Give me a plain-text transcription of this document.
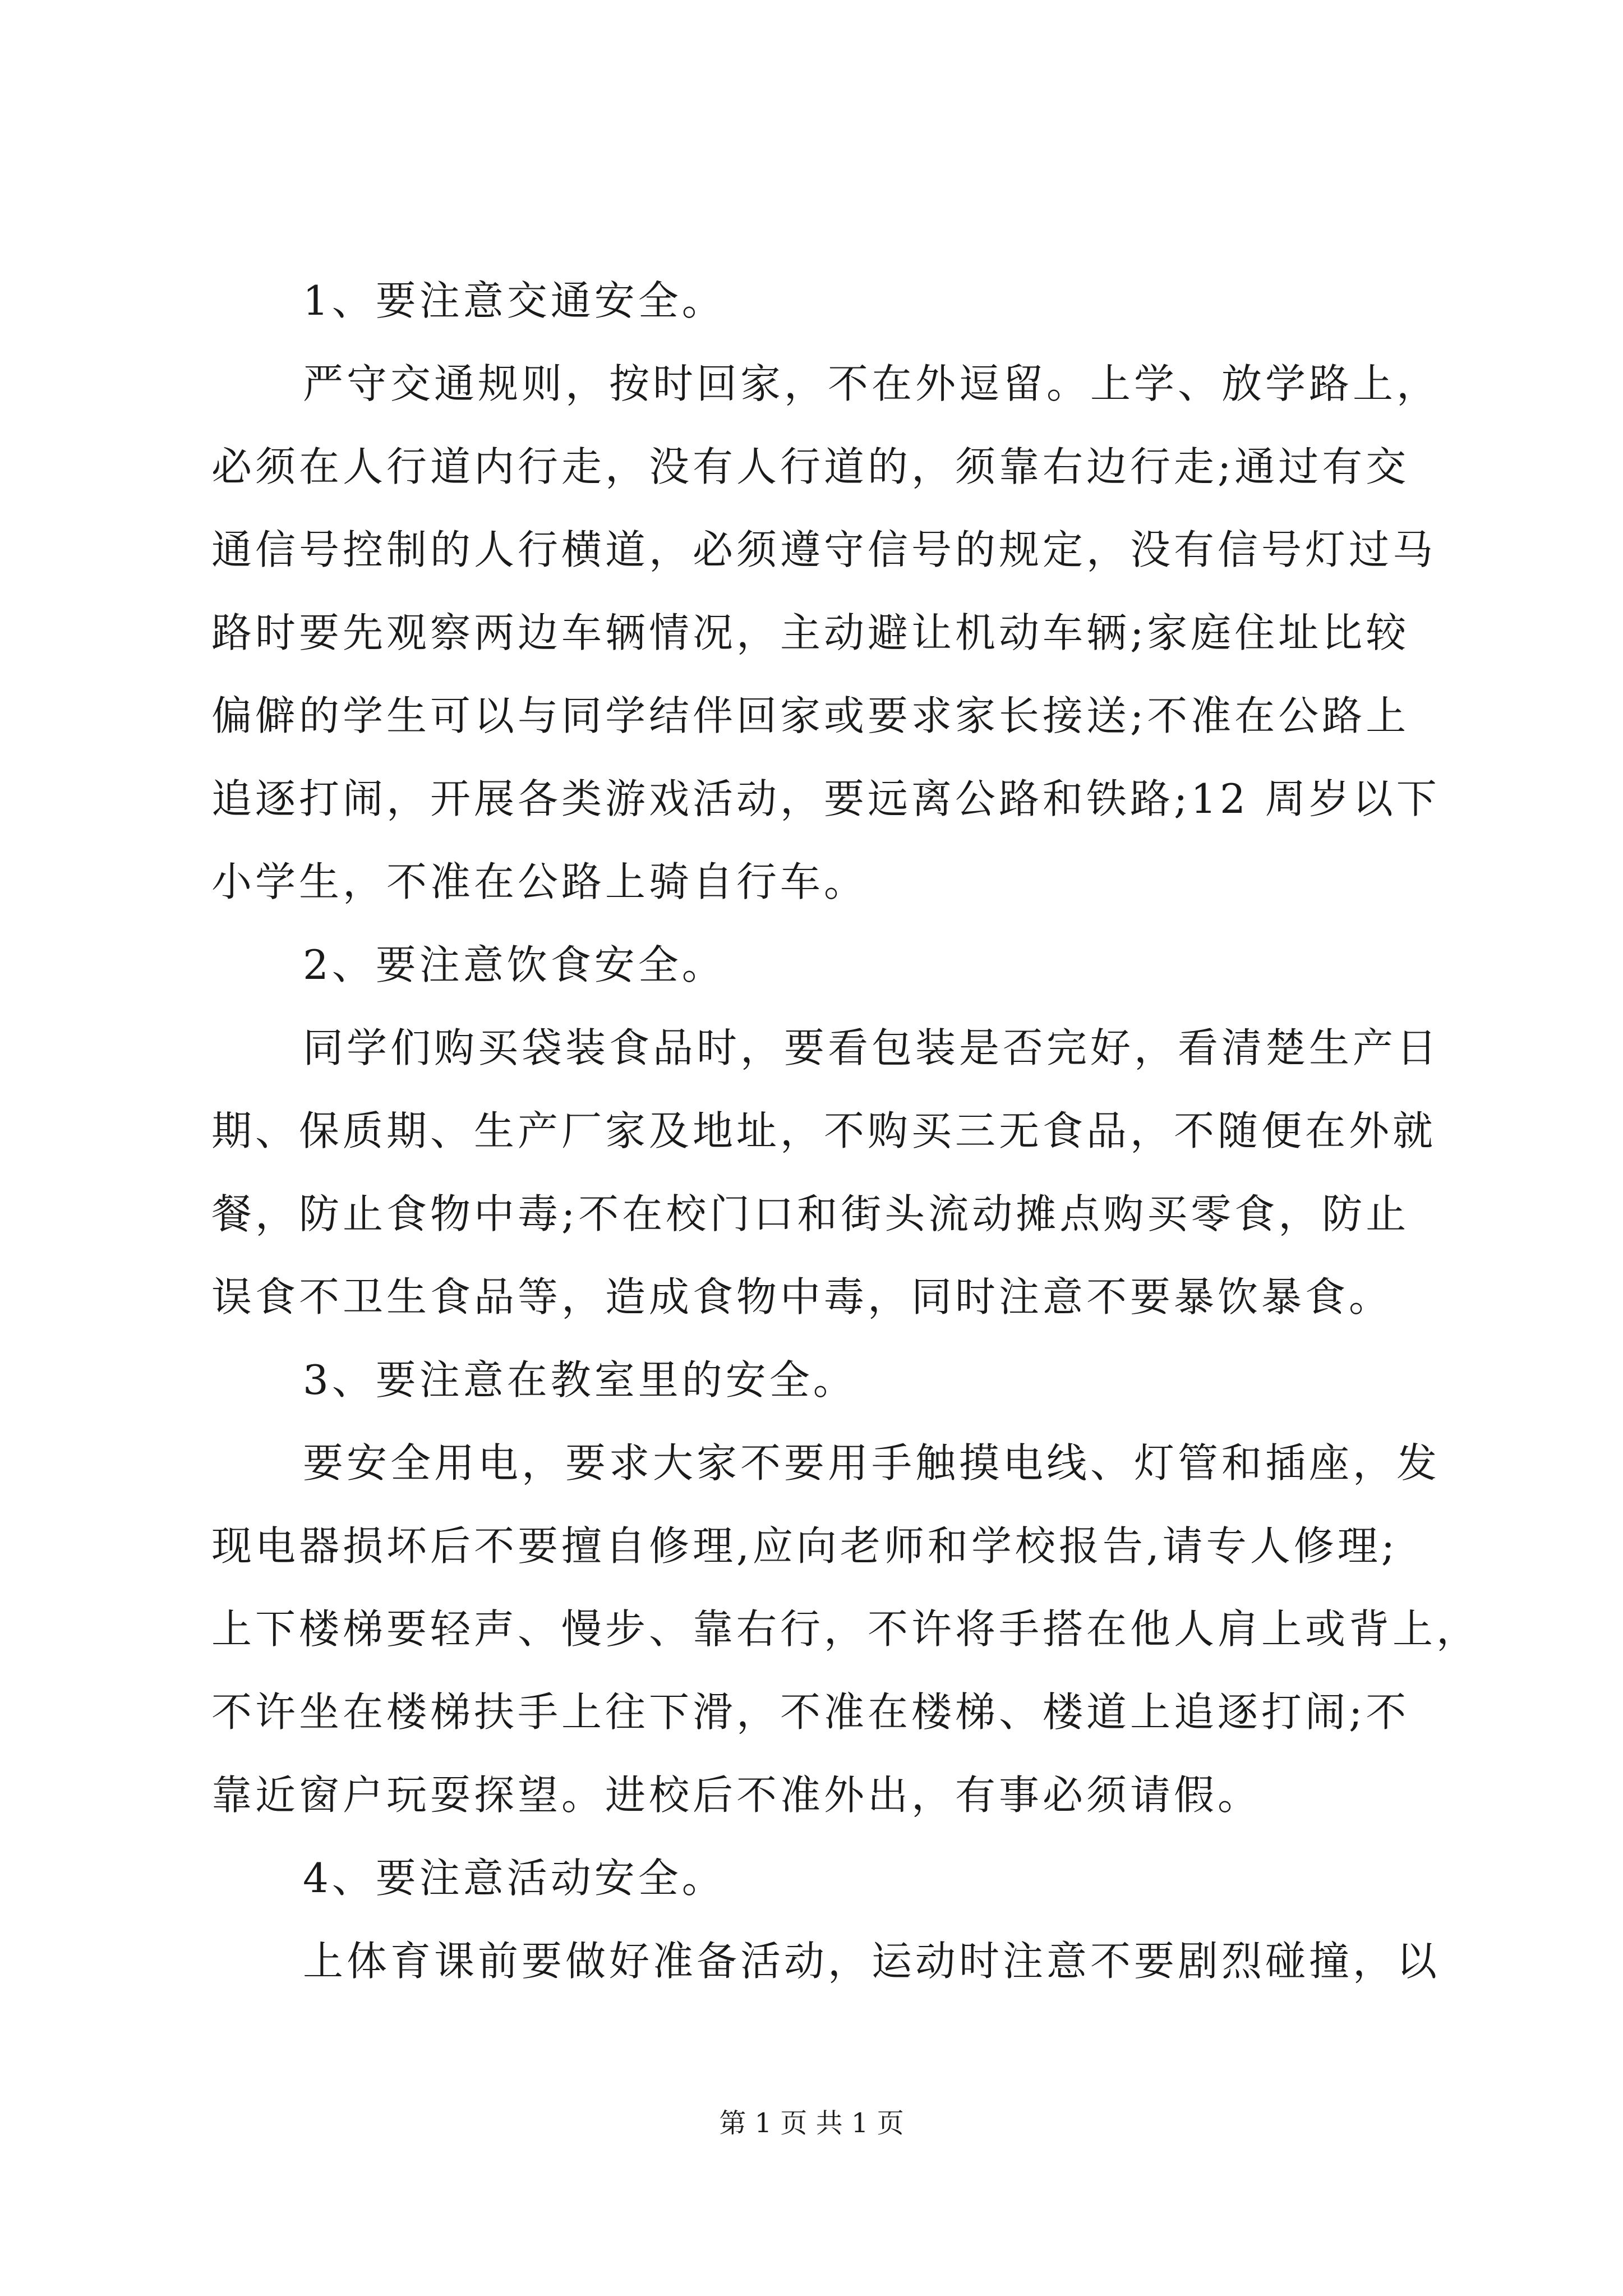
1、要注意交通安全。
严守交通规则，按时回家，不在外逗留。上学、放学路上，
必须在人行道内行走，没有人行道的，须靠右边行走;通过有交
通信号控制的人行横道，必须遵守信号的规定，没有信号灯过马
路时要先观察两边车辆情况，主动避让机动车辆;家庭住址比较
偏僻的学生可以与同学结伴回家或要求家长接送;不准在公路上
追逐打闹，开展各类游戏活动，要远离公路和铁路;12 周岁以下
小学生，不准在公路上骑自行车。
2、要注意饮食安全。
同学们购买袋装食品时，要看包装是否完好，看清楚生产日
期、保质期、生产厂家及地址，不购买三无食品，不随便在外就
餐，防止食物中毒;不在校门口和街头流动摊点购买零食，防止
误食不卫生食品等，造成食物中毒，同时注意不要暴饮暴食。
3、要注意在教室里的安全。
要安全用电，要求大家不要用手触摸电线、灯管和插座，发
现电器损坏后不要擅自修理,应向老师和学校报告,请专人修理;
上下楼梯要轻声、慢步、靠右行，不许将手搭在他人肩上或背上，
不许坐在楼梯扶手上往下滑，不准在楼梯、楼道上追逐打闹;不
靠近窗户玩耍探望。进校后不准外出，有事必须请假。
4、要注意活动安全。
上体育课前要做好准备活动，运动时注意不要剧烈碰撞，以
第 1 页 共 1 页
